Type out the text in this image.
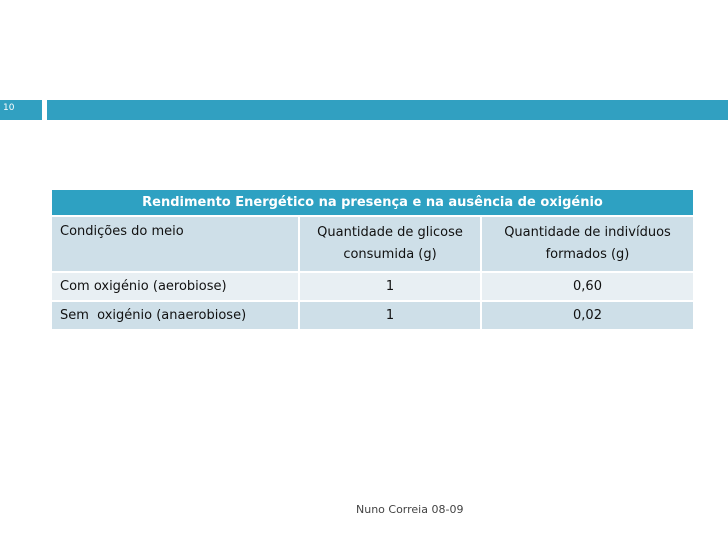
10
Rendimento Energético na presença e na ausência de oxigénio		
Condições do meio	Quantidade de glicose consumida (g)	Quantidade de indivíduos formados (g)
Com oxigénio (aerobiose)	1	0,60
Sem  oxigénio (anaerobiose)	1	0,02
Nuno Correia 08-09
